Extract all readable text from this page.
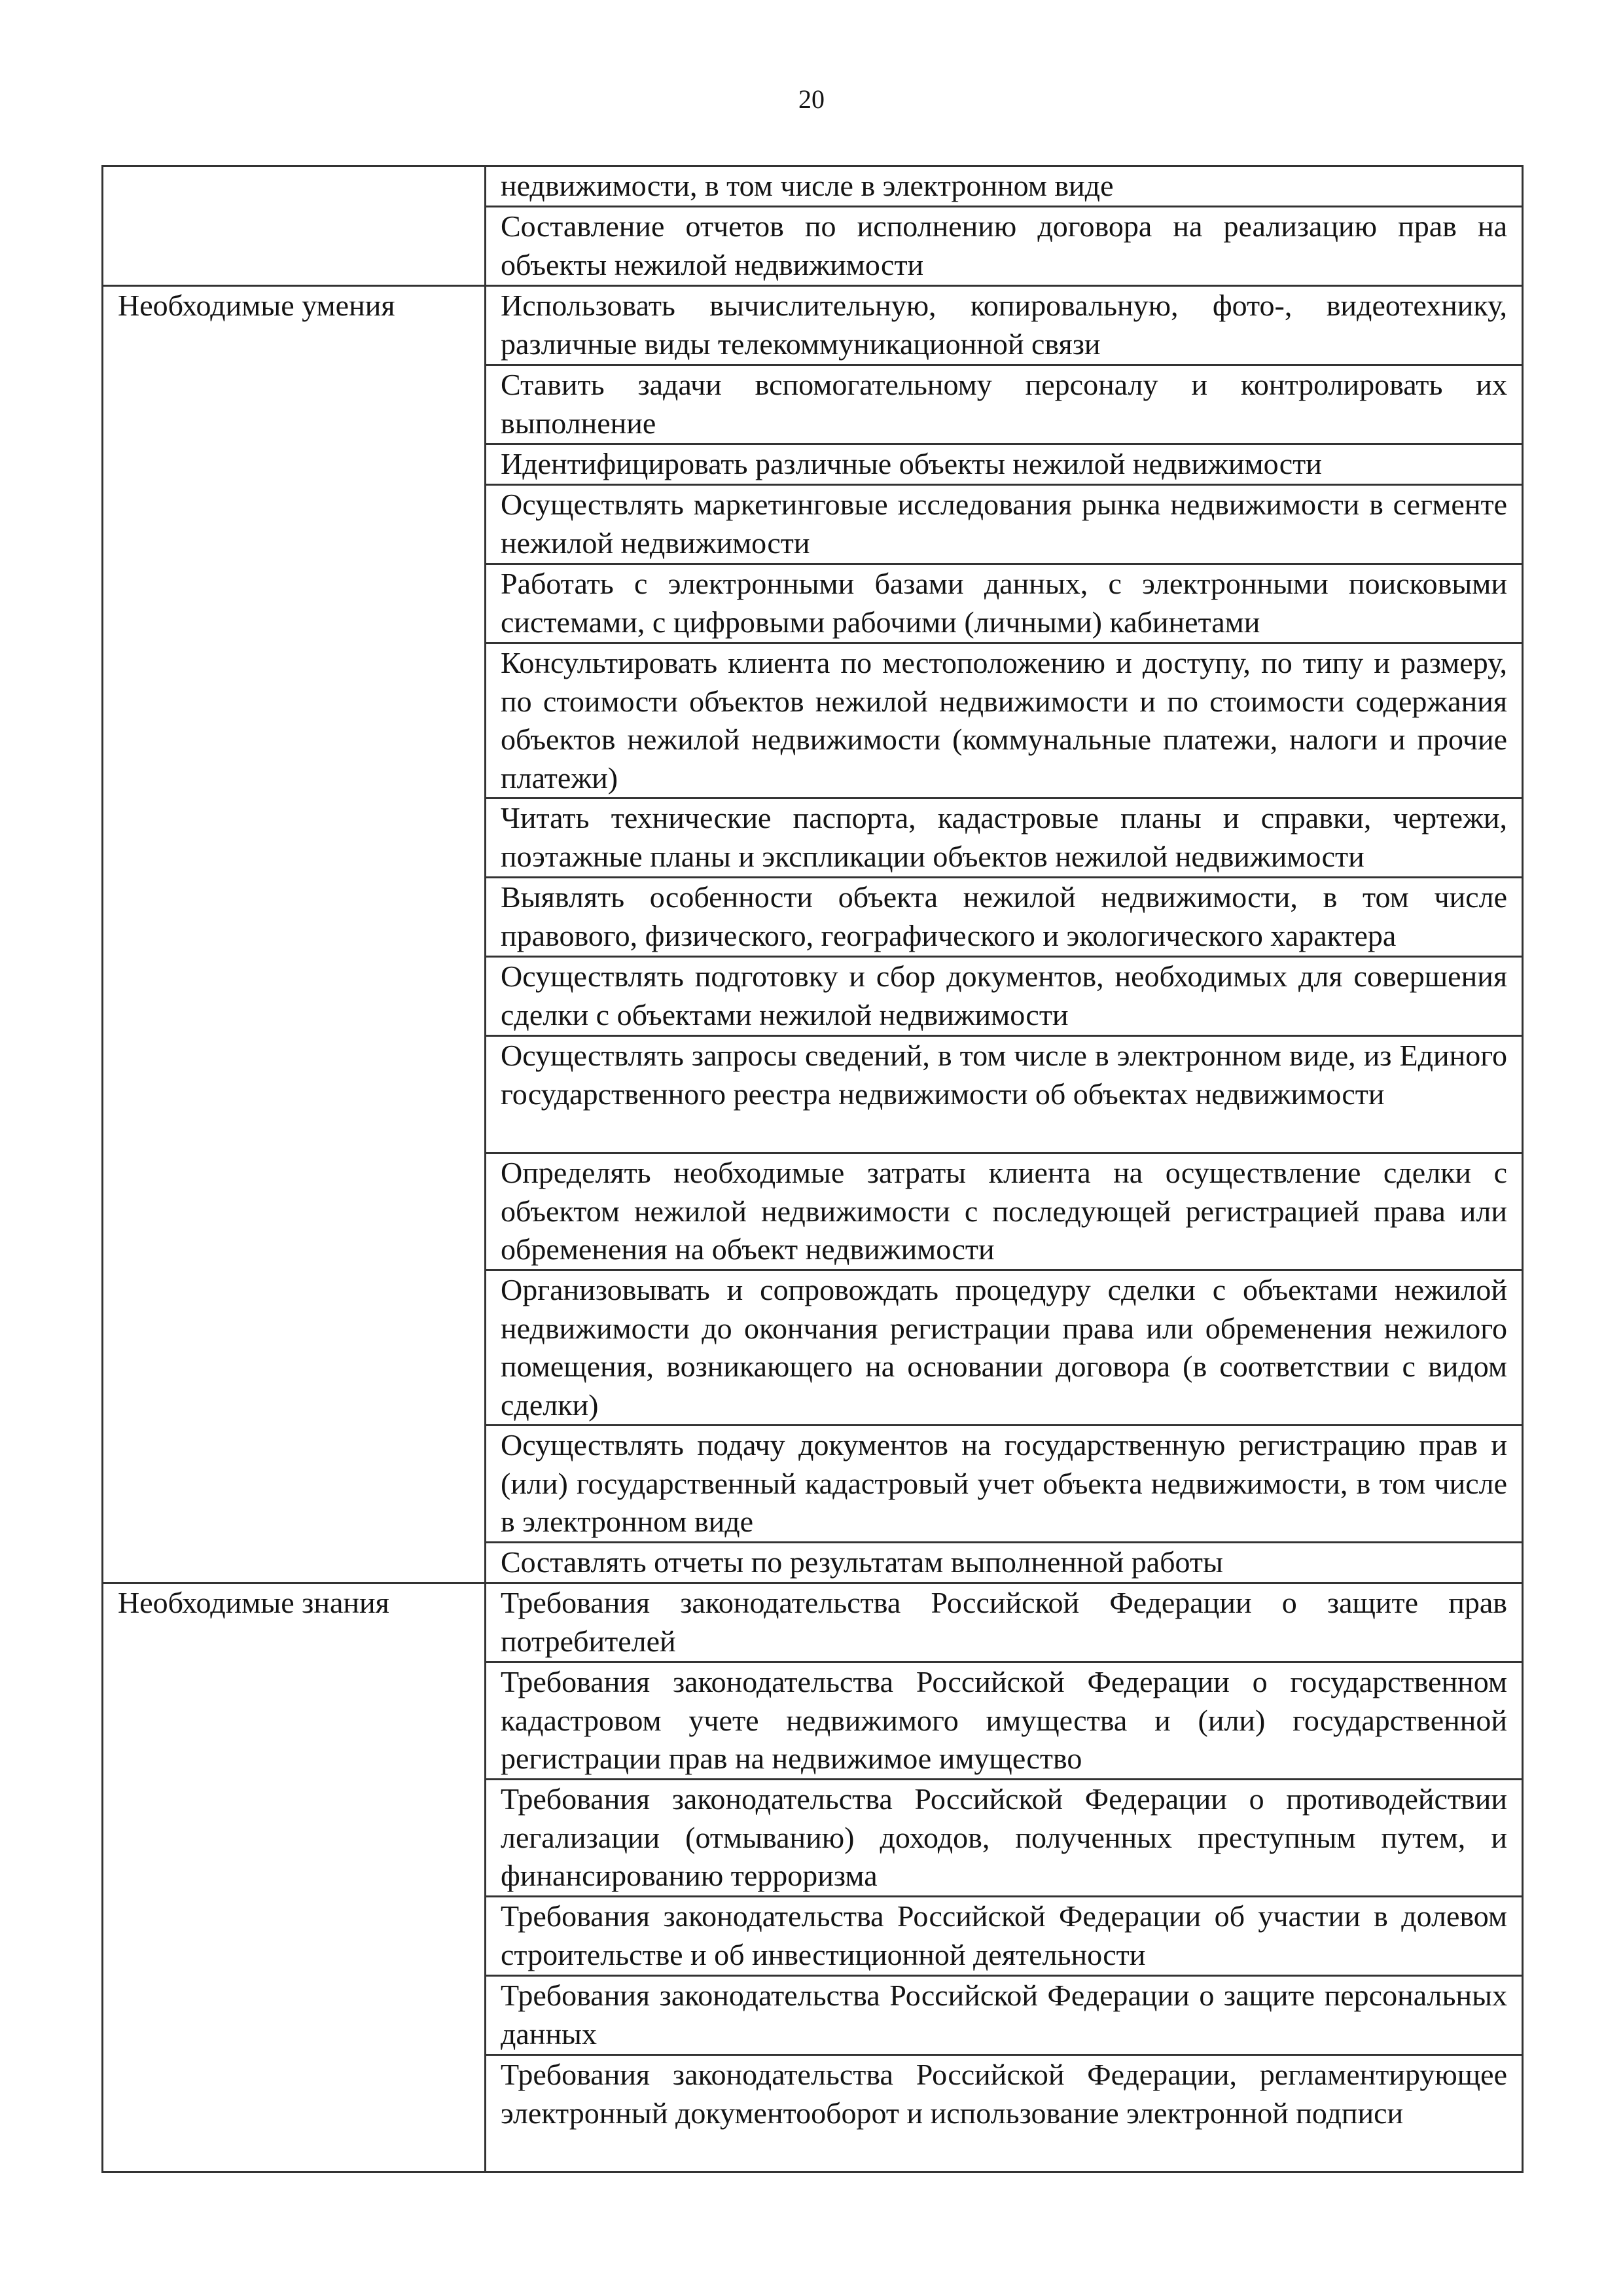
20

	недвижимости, в том числе в электронном виде

	Составление отчетов по исполнению договора на реализацию прав на объекты нежилой недвижимости

Необходимые умения	Использовать вычислительную, копировальную, фото-, видеотехнику, различные виды телекоммуникационной связи

	Ставить задачи вспомогательному персоналу и контролировать их выполнение

	Идентифицировать различные объекты нежилой недвижимости

	Осуществлять маркетинговые исследования рынка недвижимости в сегменте нежилой недвижимости

	Работать с электронными базами данных, с электронными поисковыми системами, с цифровыми рабочими (личными) кабинетами

	Консультировать клиента по местоположению и доступу, по типу и размеру, по стоимости объектов нежилой недвижимости и по стоимости содержания объектов нежилой недвижимости (коммунальные платежи, налоги и прочие платежи)

	Читать технические паспорта, кадастровые планы и справки, чертежи, поэтажные планы и экспликации объектов нежилой недвижимости

	Выявлять особенности объекта нежилой недвижимости, в том числе правового, физического, географического и экологического характера

	Осуществлять подготовку и сбор документов, необходимых для совершения сделки с объектами нежилой недвижимости

	Осуществлять запросы сведений, в том числе в электронном виде, из Единого государственного реестра недвижимости об объектах недвижимости

	Определять необходимые затраты клиента на осуществление сделки с объектом нежилой недвижимости с последующей регистрацией права или обременения на объект недвижимости

	Организовывать и сопровождать процедуру сделки с объектами нежилой недвижимости до окончания регистрации права или обременения нежилого помещения, возникающего на основании договора (в соответствии с видом сделки)

	Осуществлять подачу документов на государственную регистрацию прав и (или) государственный кадастровый учет объекта недвижимости, в том числе в электронном виде

	Составлять отчеты по результатам выполненной работы

Необходимые знания	Требования законодательства Российской Федерации о защите прав потребителей

	Требования законодательства Российской Федерации о государственном кадастровом учете недвижимого имущества и (или) государственной регистрации прав на недвижимое имущество

	Требования законодательства Российской Федерации о противодействии легализации (отмыванию) доходов, полученных преступным путем, и финансированию терроризма

	Требования законодательства Российской Федерации об участии в долевом строительстве и об инвестиционной деятельности

	Требования законодательства Российской Федерации о защите персональных данных

	Требования законодательства Российской Федерации, регламентирующее электронный документооборот и использование электронной подписи
